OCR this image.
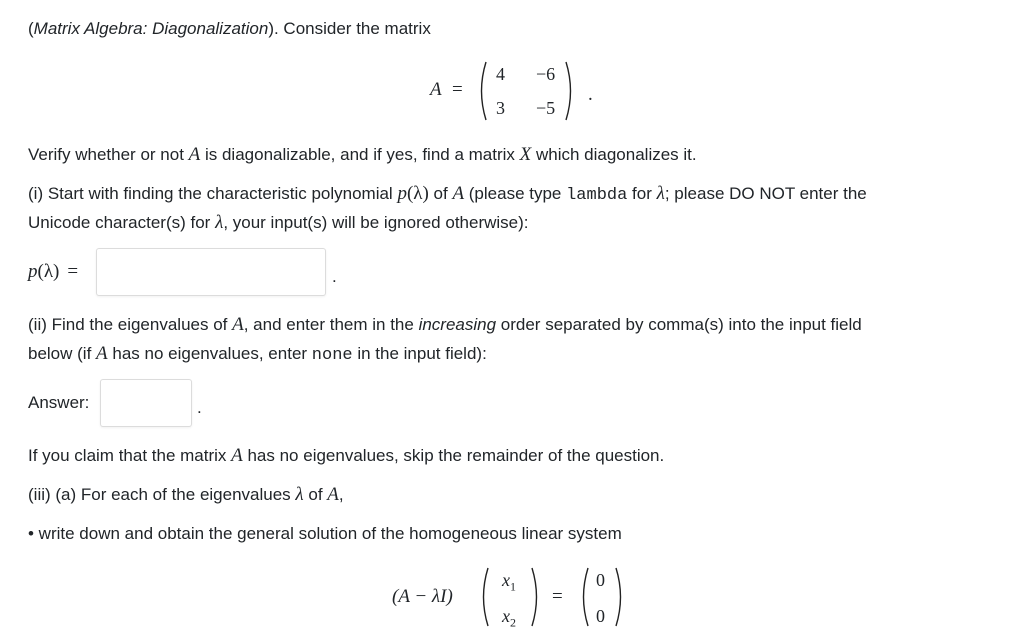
(Matrix Algebra: Diagonalization). Consider the matrix
A =
4 −6
3 −5
.
Verify whether or not A is diagonalizable, and if yes, find a matrix X which diagonalizes it.
(i) Start with finding the characteristic polynomial p(λ) of A (please type lambda for λ; please DO NOT enter the
Unicode character(s) for λ, your input(s) will be ignored otherwise):
p(λ) =	.
(ii) Find the eigenvalues of A, and enter them in the increasing order separated by comma(s) into the input field
below (if A has no eigenvalues, enter none in the input field):
Answer:	.
If you claim that the matrix A has no eigenvalues, skip the remainder of the question.
(iii) (a) For each of the eigenvalues λ of A,
• write down and obtain the general solution of the homogeneous linear system
(A − λI)
$x_1$
$x_2$
=
0
0
